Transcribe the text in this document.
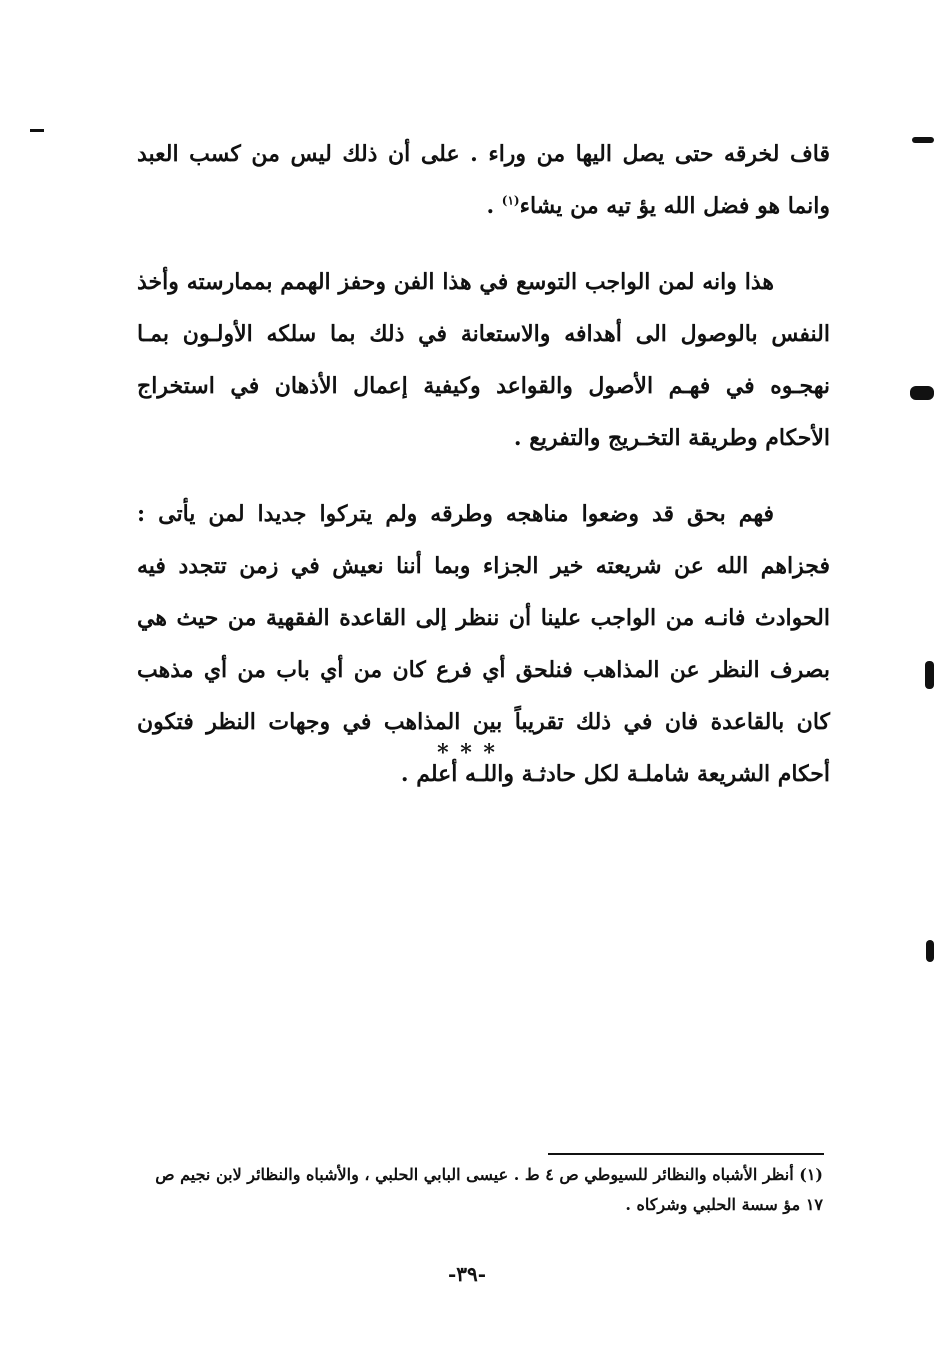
قاف لخرقه حتى يصل اليها من وراء . على أن ذلك ليس من كسب العبد وانما هو فضل الله يؤ تيه من يشاء$^{(١)}$ .

هذا وانه لمن الواجب التوسع في هذا الفن وحفز الهمم بممارسته وأخذ النفس بالوصول الى أهدافه والاستعانة في ذلك بما سلكه الأولـون بمـا نهجـوه في فهـم الأصول والقواعد وكيفية إعمال الأذهان في استخراج الأحكام وطريقة التخـريج والتفريع .

فهم بحق قد وضعوا مناهجه وطرقه ولم يتركوا جديدا لمن يأتى : فجزاهم الله عن شريعته خير الجزاء وبما أننا نعيش في زمن تتجدد فيه الحوادث فانـه من الواجب علينا أن ننظر إلى القاعدة الفقهية من حيث هي بصرف النظر عن المذاهب فنلحق أي فرع كان من أي باب من أي مذهب كان بالقاعدة فان في ذلك تقريباً بين المذاهب في وجهات النظر فتكون أحكام الشريعة شاملـة لكل حادثـة واللـه أعلم .

* * *
(١) أنظر الأشباه والنظائر للسيوطي ص ٤ ط . عيسى البابي الحلبي ، والأشباه والنظائر لابن نجيم ص ١٧ مؤ سسة الحلبي وشركاه .
-٣٩-
